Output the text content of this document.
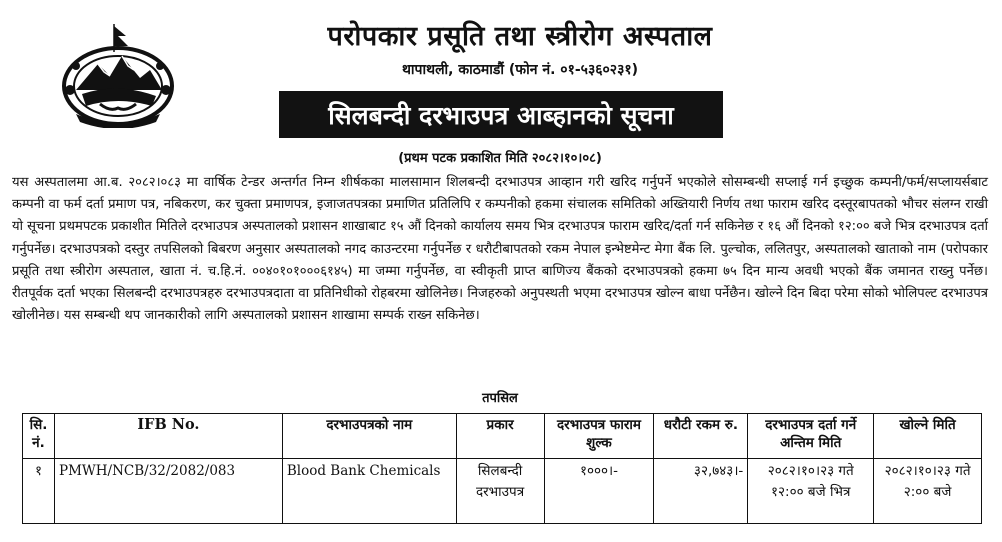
परोपकार प्रसूति तथा स्त्रीरोग अस्पताल
थापाथली, काठमाडौं (फोन नं. ०१-५३६०२३१)
सिलबन्दी दरभाउपत्र आब्हानको सूचना
(प्रथम पटक प्रकाशित मिति २०८२।१०।०८)

यस अस्पतालमा आ.ब. २०८२।०८३ मा वार्षिक टेन्डर अन्तर्गत निम्न शीर्षकका मालसामान शिलबन्दी दरभाउपत्र आव्हान गरी खरिद गर्नुपर्ने भएकोले सोसम्बन्धी सप्लाई गर्न इच्छुक कम्पनी/फर्म/सप्लायर्सबाट कम्पनी वा फर्म दर्ता प्रमाण पत्र, नबिकरण, कर चुक्ता प्रमाणपत्र, इजाजतपत्रका प्रमाणित प्रतिलिपि र कम्पनीको हकमा संचालक समितिको अख्तियारी निर्णय तथा फाराम खरिद दस्तूरबापतको भौचर संलग्न राखी यो सूचना प्रथमपटक प्रकाशीत मितिले दरभाउपत्र अस्पतालको प्रशासन शाखाबाट १५ औं दिनको कार्यालय समय भित्र दरभाउपत्र फाराम खरिद/दर्ता गर्न सकिनेछ र १६ औं दिनको १२:०० बजे भित्र दरभाउपत्र दर्ता गर्नुपर्नेछ। दरभाउपत्रको दस्तुर तपसिलको बिबरण अनुसार अस्पतालको नगद काउन्टरमा गर्नुपर्नेछ र धरौटीबापतको रकम नेपाल इन्भेष्टमेन्ट मेगा बैंक लि. पुल्चोक, ललितपुर, अस्पतालको खाताको नाम (परोपकार प्रसूति तथा स्त्रीरोग अस्पताल, खाता नं. च.हि.नं. ००४०१०१०००६१४५) मा जम्मा गर्नुपर्नेछ, वा स्वीकृती प्राप्त बाणिज्य बैंकको दरभाउपत्रको हकमा ७५ दिन मान्य अवधी भएको बैंक जमानत राख्नु पर्नेछ। रीतपूर्वक दर्ता भएका सिलबन्दी दरभाउपत्रहरु दरभाउपत्रदाता वा प्रतिनिधीको रोहबरमा खोलिनेछ। निजहरुको अनुपस्थती भएमा दरभाउपत्र खोल्न बाधा पर्नेछैन। खोल्ने दिन बिदा परेमा सोको भोलिपल्ट दरभाउपत्र खोलीनेछ। यस सम्बन्धी थप जानकारीको लागि अस्पतालको प्रशासन शाखामा सम्पर्क राख्न सकिनेछ।

तपसिल
सि. नं.	IFB No.	दरभाउपत्रको नाम	प्रकार	दरभाउपत्र फाराम शुल्क	धरौटी रकम रु.	दरभाउपत्र दर्ता गर्ने अन्तिम मिति	खोल्ने मिति
१	PMWH/NCB/32/2082/083	Blood Bank Chemicals	सिलबन्दी दरभाउपत्र	१०००।-	३२,७४३।-	२०८२।१०।२३ गते १२:०० बजे भित्र	२०८२।१०।२३ गते २:०० बजे
